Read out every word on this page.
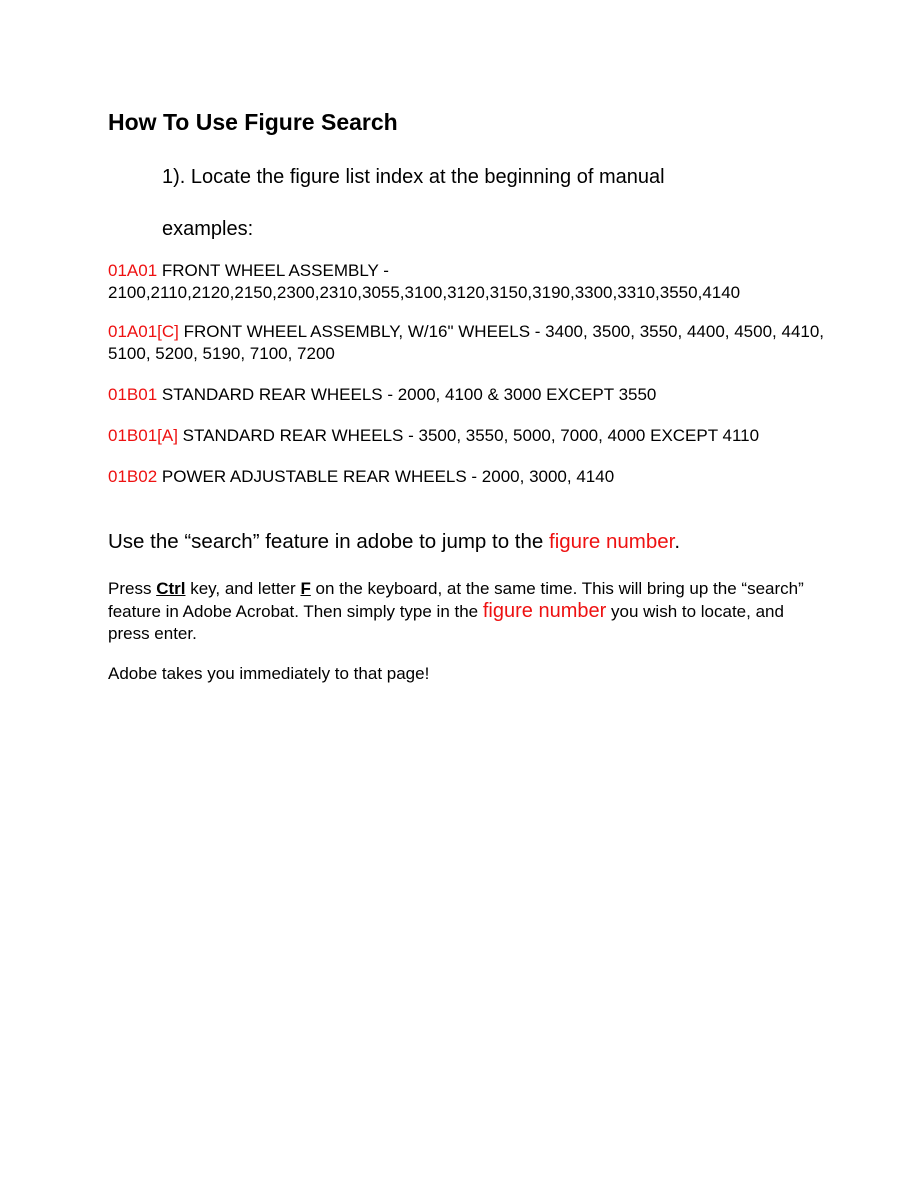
How To Use Figure Search

1). Locate the figure list index at the beginning of manual

examples:

01A01 FRONT WHEEL ASSEMBLY - 2100,2110,2120,2150,2300,2310,3055,3100,3120,3150,3190,3300,3310,3550,4140

01A01[C] FRONT WHEEL ASSEMBLY, W/16" WHEELS - 3400, 3500, 3550, 4400, 4500, 4410, 5100, 5200, 5190, 7100, 7200

01B01 STANDARD REAR WHEELS - 2000, 4100 & 3000 EXCEPT 3550

01B01[A] STANDARD REAR WHEELS - 3500, 3550, 5000, 7000, 4000 EXCEPT 4110

01B02 POWER ADJUSTABLE REAR WHEELS - 2000, 3000, 4140

Use the “search” feature in adobe to jump to the figure number.

Press Ctrl key, and letter F on the keyboard, at the same time. This will bring up the “search” feature in Adobe Acrobat. Then simply type in the figure number you wish to locate, and press enter.

Adobe takes you immediately to that page!
